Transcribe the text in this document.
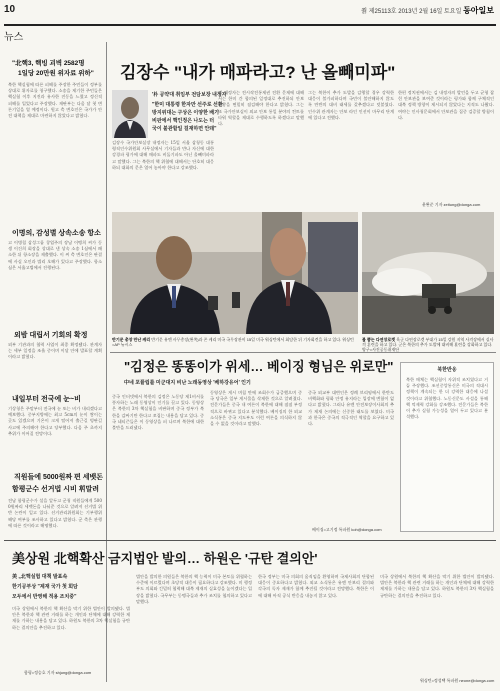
10	쭭 제25113호 2013년 2월 16일 토요일 동아일보
뉴스
"北핵3, 핵빙 괴벽 2582명
1일당 20만원 위자료 위하"
북한 핵실험에 따른 피해를 주장한 주민들이 정부를 상대로 위자료를 청구했다. 소송을 제기한 주민들은 핵실험 이후 지진과 유사한 진동을 느꼈고 정신적 피해를 입었다고 주장했다. 재판부는 다음 달 첫 변론기일을 열 예정이다. 원고 측 변호인은 국가가 안전 대책을 제대로 마련하지 않았다고 밝혔다.
이명의, 감성별 상속소송 항소
고 이병철 삼성그룹 창업주의 장남 이맹희 씨가 동생 이건희 회장을 상대로 낸 상속 소송 1심에서 패소한 뒤 항소장을 제출했다. 이 씨 측 변호인은 판결에 사실 오인과 법리 오해가 있다고 주장했다. 항소심은 서울고법에서 진행된다.
외밤 대립서 기회의 확정
외부 기관과의 협력 사업이 최종 확정됐다. 관계자는 세부 일정을 조율 중이며 이달 안에 발표할 계획이라고 밝혔다.
내일부터 전국에 눈~비
기상청은 주말부터 전국에 눈 또는 비가 내리겠다고 예보했다. 중부지방에는 최고 5cm의 눈이 쌓이는 곳도 있겠으며 기온이 크게 떨어져 출근길 빙판길 사고에 주의해야 한다고 당부했다. 다음 주 초까지 추위가 이어질 전망이다.
직원들에 5000원짜 편 세뱃돈
함평군수 선거법 시비 휘말려
전남 함평군수가 설을 앞두고 군청 직원들에게 5000원짜리 세뱃돈을 나눠준 것으로 알려져 선거법 위반 논란이 일고 있다. 선거관리위원회는 기부행위 해당 여부를 조사하고 있다고 밝혔다. 군 측은 관행에 따른 것이라고 해명했다.
함평=정승호 기자 shjung@donga.com
김장수 "내가 매파라고? 난 올빼미파"
'朴 공약대 취임부 전담보장 내정자
"한미 대통령 한자만 선주로 선환
방지위대는 구상은 이양한 배기
비판에서 핵인정은 나도는 터
국이 불관할일 걸재하면 안돼"
김장수 국가안보실장 내정자는 15일 서울 삼청동 대통령직인수위원회 사무실에서 기자들과 만나 자신에 대한 강경파 평가에 대해 매파도 비둘기파도 아닌 올빼미파라고 말했다. 그는 북한의 핵 위협에 대해서는 단호히 대응하되 대화의 문은 열어 놓아야 한다고 강조했다.
김 내정자는 전시작전통제권 전환 문제에 대해서는 한미 간 합의된 일정대로 추진하되 안보 상황을 면밀히 점검해야 한다고 밝혔다. 그는 또 국가안보실이 외교 안보 통일 분야의 컨트롤타워 역할을 제대로 수행하도록 하겠다고 말했다.
그는 북한이 추가 도발을 감행할 경우 강력한 대응이 불가피하다며 국민이 불안해하지 않도록 만반의 대비 태세를 갖추겠다고 덧붙였다. 인수위 관계자는 안보 라인 인선이 마무리 단계에 있다고 전했다.
한편 정치권에서는 김 내정자의 발언을 두고 균형 잡힌 안보관을 보여준 것이라는 평가와 함께 구체적인 대북 정책 방향이 제시되지 않았다는 지적도 나왔다. 여야는 인사청문회에서 안보관을 집중 검증할 방침이다.
윤완준 기자 zeitung@donga.com
반기문 총장 만난 케리 반기문 유엔 사무총장(왼쪽)과 존 케리 미국 국무장관이 15일 미국 워싱턴에서 회담한 뒤 기자회견을 하고 있다. 워싱턴=AP 뉴시스
불 뿜는 다연장로켓 육군 다연장로켓 부대가 15일 강원 지역 사격장에서 실사격 훈련을 하고 있다. 군은 북한의 추가 도발에 대비해 훈련을 강화하고 있다. 양구=사진공동취재단
"김정은 똥똥이가 위세… 베이징 형님은 위로만"
中네 포퓰립를 미군대지 비난 노래동영상 '베하강유어' 인기
중국 인터넷에서 북한의 김정은 노동당 제1비서를 풍자하는 노래 동영상이 인기를 끌고 있다. 동영상은 북한의 3차 핵실험을 비판하며 중국 정부가 북한을 감싸기만 한다고 꼬집는 내용을 담고 있다. 중국 네티즌들은 이 동영상을 퍼 나르며 북한에 대한 불만을 드러냈다.
동영상은 게시 며칠 만에 조회수가 급증했으며 중국 당국은 일부 게시물을 삭제한 것으로 알려졌다. 전문가들은 중국 내 여론이 북한에 대해 점점 부정적으로 바뀌고 있다고 분석했다. 베이징의 한 외교 소식통은 중국 지도부도 이런 여론을 의식하지 않을 수 없을 것이라고 말했다.
중국 외교부 대변인은 정례 브리핑에서 한반도 비핵화와 평화 안정 유지라는 입장에 변함이 없다고 밝혔다. 그러나 유엔 안전보장이사회의 추가 제재 논의에는 신중한 태도를 보였다. 미국과 한국은 중국의 적극적인 역할을 요구하고 있다.
베이징=고기정 특파원 koh@donga.com
북한반응
북한 매체는 핵실험이 자위적 조치였다고 거듭 주장했다. 조선중앙통신은 미국의 적대시 정책이 계속되는 한 더 강력한 대응에 나설 것이라고 위협했다. 노동신문도 사설을 통해 핵 억제력 강화를 강조했다. 전문가들은 북한이 추가 실험 가능성을 열어 두고 있다고 분석했다.
美상원 北핵확산 금지법안 발의… 하원은 '규탄 결의안'
美 „北핵실험 대책 발표속
한기공부상 "제재 국가 첫 회담
모두에서 반영해 적용 조치중"
미국 상원에서 북한의 핵 확산을 막기 위한 법안이 발의됐다. 법안은 북한과 핵 관련 거래를 하는 개인과 단체에 대해 강력한 제재를 가하는 내용을 담고 있다. 하원도 북한의 3차 핵실험을 규탄하는 결의안을 추진하고 있다.
법안을 발의한 의원들은 북한의 핵 능력이 미국 본토를 위협하는 수준에 이르렀다며 초당적 대응이 필요하다고 강조했다. 미 행정부도 의회와 긴밀히 협력해 대북 제재의 실효성을 높이겠다는 입장을 밝혔다. 국무부는 동맹국들과 추가 조치를 협의하고 있다고 말했다.
한국 정부는 미국 의회의 움직임을 환영하며 국제사회의 단합된 대응이 중요하다고 밝혔다. 외교 소식통은 유엔 안보리 결의와 각국의 독자 제재가 함께 추진될 것이라고 전망했다. 북한은 이에 대해 아직 공식 반응을 내놓지 않고 있다.
미국 상원에서 북한의 핵 확산을 막기 위한 법안이 발의됐다. 법안은 북한과 핵 관련 거래를 하는 개인과 단체에 대해 강력한 제재를 가하는 내용을 담고 있다. 하원도 북한의 3차 핵실험을 규탄하는 결의안을 추진하고 있다.
워싱턴=정성택 특파원 neone@donga.com
